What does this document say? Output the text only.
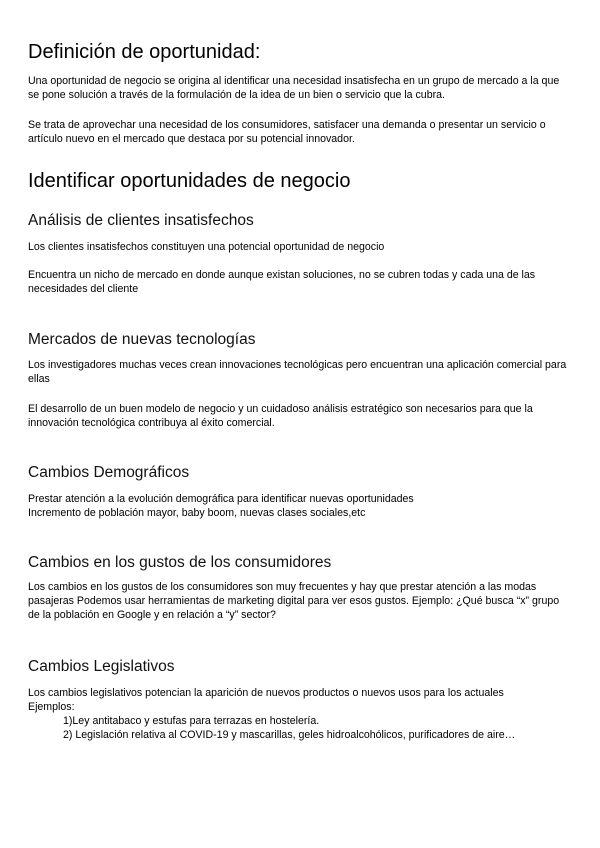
Definición de oportunidad:

Una oportunidad de negocio se origina al identificar una necesidad insatisfecha en un grupo de mercado a la que se pone solución a través de la formulación de la idea de un bien o servicio que la cubra.

Se trata de aprovechar una necesidad de los consumidores, satisfacer una demanda o presentar un servicio o artículo nuevo en el mercado que destaca por su potencial innovador.

Identificar oportunidades de negocio
Análisis de clientes insatisfechos

Los clientes insatisfechos constituyen una potencial oportunidad de negocio

Encuentra un nicho de mercado en donde aunque existan soluciones, no se cubren todas y cada una de las necesidades del cliente

Mercados de nuevas tecnologías

Los investigadores muchas veces crean innovaciones tecnológicas pero encuentran una aplicación comercial para ellas

El desarrollo de un buen modelo de negocio y un cuidadoso análisis estratégico son necesarios para que la innovación tecnológica contribuya al éxito comercial.

Cambios Demográficos

Prestar atención a la evolución demográfica para identificar nuevas oportunidades

Incremento de población mayor, baby boom, nuevas clases sociales,etc

Cambios en los gustos de los consumidores

Los cambios en los gustos de los consumidores son muy frecuentes y hay que prestar atención a las modas pasajeras Podemos usar herramientas de marketing digital para ver esos gustos. Ejemplo: ¿Qué busca “x” grupo de la población en Google y en relación a “y” sector?

Cambios Legislativos

Los cambios legislativos potencian la aparición de nuevos productos o nuevos usos para los actuales

Ejemplos:

1)Ley antitabaco y estufas para terrazas en hostelería.

2) Legislación relativa al COVID-19 y mascarillas, geles hidroalcohólicos, purificadores de aire…
